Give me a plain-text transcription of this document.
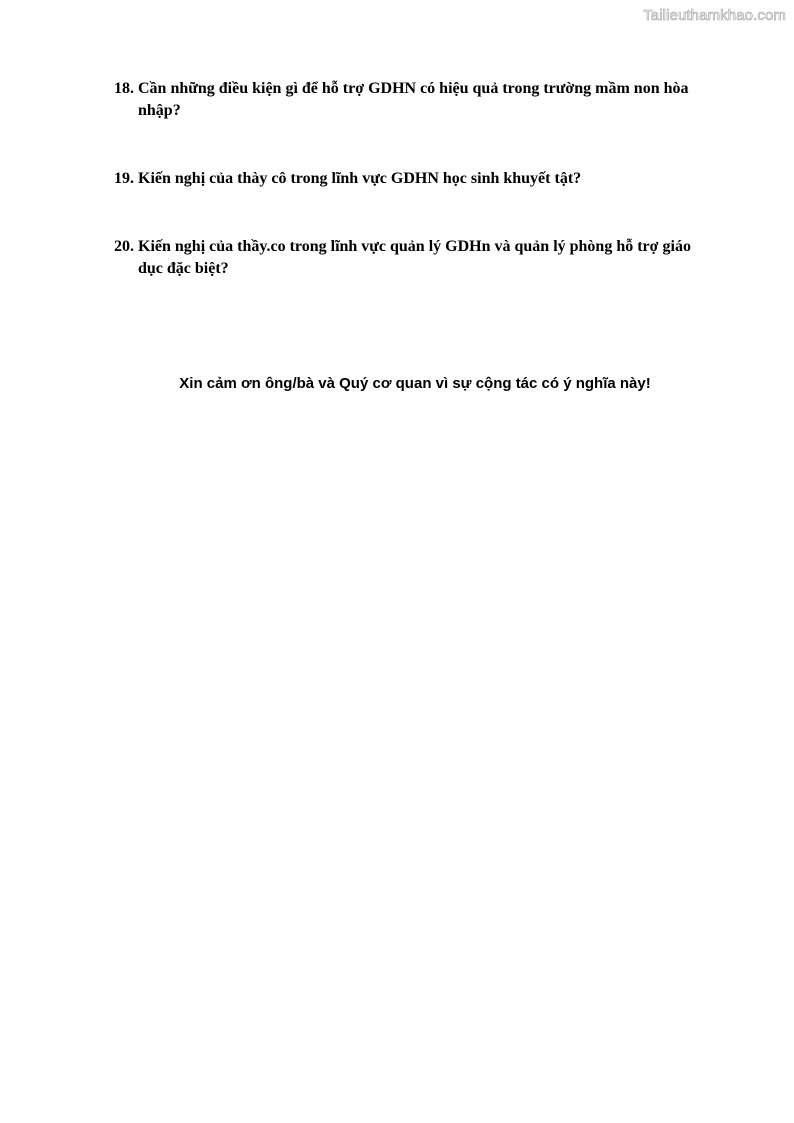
Tailieuthamkhao.com
18. Cần những điều kiện gì để hỗ trợ GDHN có hiệu quả trong trường mầm non hòa nhập?
19. Kiến nghị của thày cô trong lĩnh vực GDHN học sinh khuyết tật?
20. Kiến nghị của thầy.co trong lĩnh vực quản lý GDHn và quản lý phòng hỗ trợ giáo dục đặc biệt?
Xin cảm ơn ông/bà và Quý cơ quan vì sự cộng tác có ý nghĩa này!
